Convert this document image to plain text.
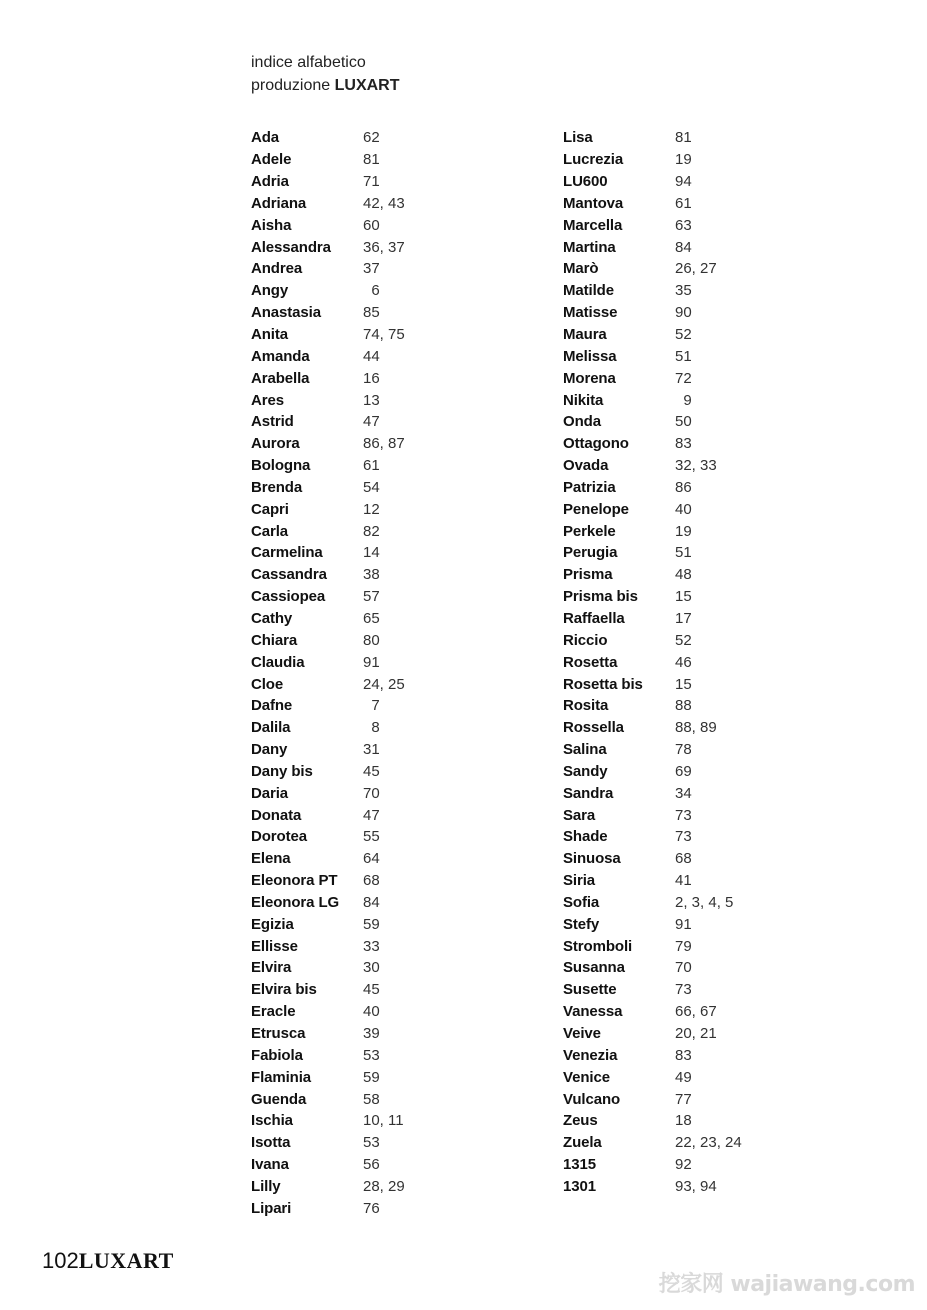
indice alfabetico
produzione LUXART
Ada	62
Adele	81
Adria	71
Adriana	42, 43
Aisha	60
Alessandra	36, 37
Andrea	37
Angy	6
Anastasia	85
Anita	74, 75
Amanda	44
Arabella	16
Ares	13
Astrid	47
Aurora	86, 87
Bologna	61
Brenda	54
Capri	12
Carla	82
Carmelina	14
Cassandra	38
Cassiopea	57
Cathy	65
Chiara	80
Claudia	91
Cloe	24, 25
Dafne	7
Dalila	8
Dany	31
Dany bis	45
Daria	70
Donata	47
Dorotea	55
Elena	64
Eleonora PT	68
Eleonora LG	84
Egizia	59
Ellisse	33
Elvira	30
Elvira bis	45
Eracle	40
Etrusca	39
Fabiola	53
Flaminia	59
Guenda	58
Ischia	10, 11
Isotta	53
Ivana	56
Lilly	28, 29
Lipari	76
Lisa	81
Lucrezia	19
LU600	94
Mantova	61
Marcella	63
Martina	84
Marò	26, 27
Matilde	35
Matisse	90
Maura	52
Melissa	51
Morena	72
Nikita	9
Onda	50
Ottagono	83
Ovada	32, 33
Patrizia	86
Penelope	40
Perkele	19
Perugia	51
Prisma	48
Prisma bis	15
Raffaella	17
Riccio	52
Rosetta	46
Rosetta bis	15
Rosita	88
Rossella	88, 89
Salina	78
Sandy	69
Sandra	34
Sara	73
Shade	73
Sinuosa	68
Siria	41
Sofia	2, 3, 4, 5
Stefy	91
Stromboli	79
Susanna	70
Susette	73
Vanessa	66, 67
Veive	20, 21
Venezia	83
Venice	49
Vulcano	77
Zeus	18
Zuela	22, 23, 24
1315	92
1301	93, 94
102LUXART
挖家网 wajiawang.com
